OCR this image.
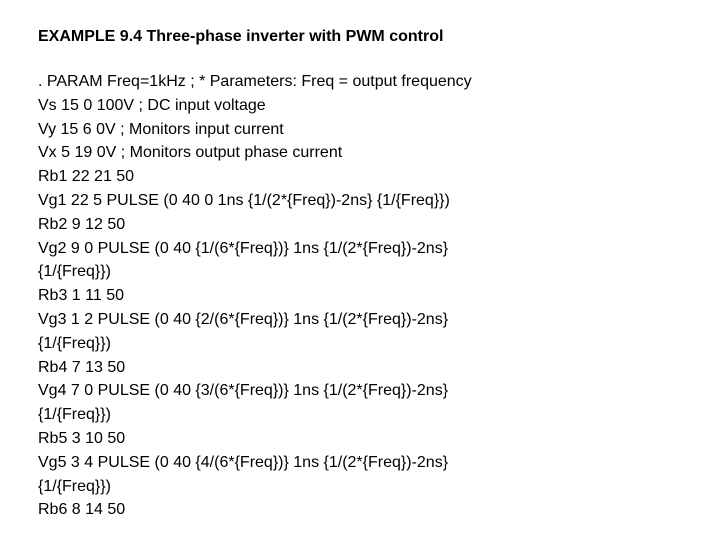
EXAMPLE 9.4 Three-phase inverter with PWM control
. PARAM Freq=1kHz ; * Parameters: Freq = output frequency
Vs 15 0 100V ; DC input voltage
Vy 15 6 0V ; Monitors input current
Vx 5 19 0V ; Monitors output phase current
Rb1 22 21 50
Vg1 22 5 PULSE (0 40 0 1ns {1/(2*{Freq})-2ns} {1/{Freq}})
Rb2 9 12 50
Vg2 9 0 PULSE (0 40 {1/(6*{Freq})} 1ns {1/(2*{Freq})-2ns}
{1/{Freq}})
Rb3 1 11 50
Vg3 1 2 PULSE (0 40 {2/(6*{Freq})} 1ns {1/(2*{Freq})-2ns}
{1/{Freq}})
Rb4 7 13 50
Vg4 7 0 PULSE (0 40 {3/(6*{Freq})} 1ns {1/(2*{Freq})-2ns}
{1/{Freq}})
Rb5 3 10 50
Vg5 3 4 PULSE (0 40 {4/(6*{Freq})} 1ns {1/(2*{Freq})-2ns}
{1/{Freq}})
Rb6 8 14 50
